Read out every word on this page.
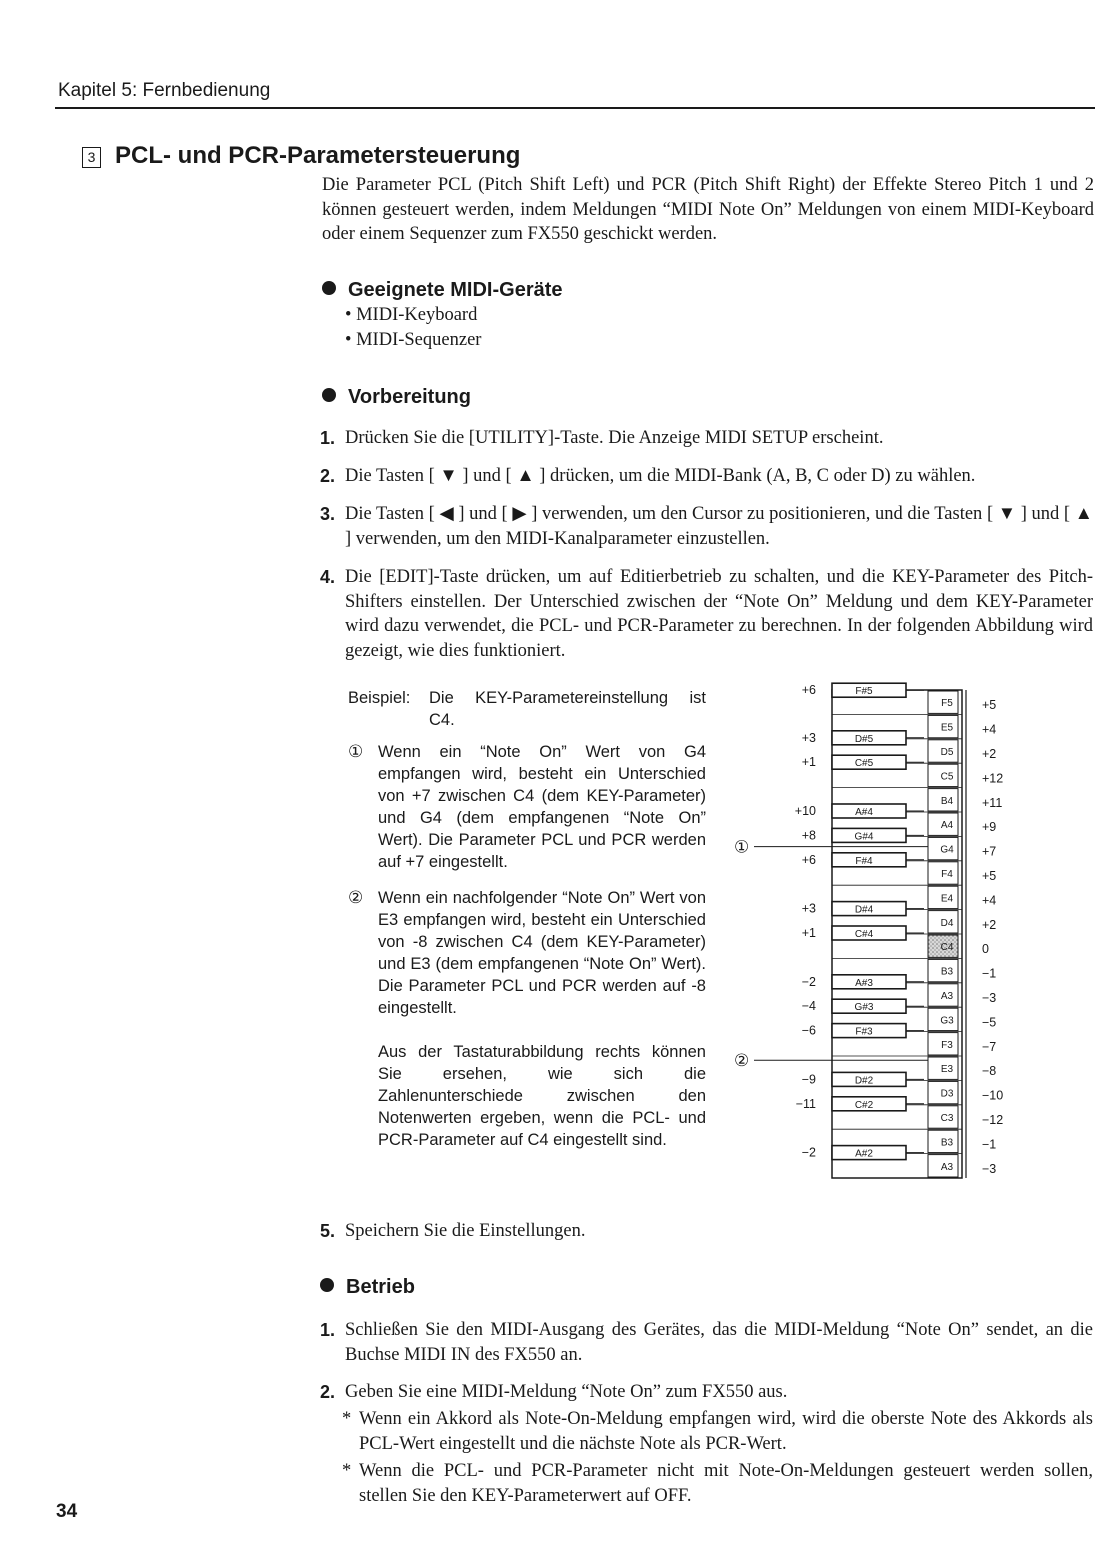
Kapitel 5: Fernbedienung
3 PCL- und PCR-Parametersteuerung
Die Parameter PCL (Pitch Shift Left) und PCR (Pitch Shift Right) der Effekte Stereo Pitch 1 und 2 können gesteuert werden, indem Meldungen “MIDI Note On” Meldungen von einem MIDI-Keyboard oder einem Sequenzer zum FX550 geschickt werden.
Geeignete MIDI-Geräte
• MIDI-Keyboard
• MIDI-Sequenzer
Vorbereitung
1. Drücken Sie die [UTILITY]-Taste. Die Anzeige MIDI SETUP erscheint.
2. Die Tasten [ ▼ ] und [ ▲ ] drücken, um die MIDI-Bank (A, B, C oder D) zu wählen.
3. Die Tasten [ ◀ ] und [ ▶ ] verwenden, um den Cursor zu positionieren, und die Tasten [ ▼ ] und [ ▲ ] verwenden, um den MIDI-Kanalparameter einzustellen.
4. Die [EDIT]-Taste drücken, um auf Editierbetrieb zu schalten, und die KEY-Parameter des Pitch-Shifters einstellen. Der Unterschied zwischen der “Note On” Meldung und dem KEY-Parameter wird dazu verwendet, die PCL- und PCR-Parameter zu berechnen. In der folgenden Abbildung wird gezeigt, wie dies funktioniert.
Beispiel: Die KEY-Parametereinstellung ist
C4.
① Wenn ein “Note On” Wert von G4 empfangen wird, besteht ein Unterschied von +7 zwischen C4 (dem KEY-Parameter) und G4 (dem empfangenen “Note On” Wert). Die Parameter PCL und PCR werden auf +7 eingestellt.
② Wenn ein nachfolgender “Note On” Wert von E3 empfangen wird, besteht ein Unterschied von -8 zwischen C4 (dem KEY-Parameter) und E3 (dem empfangenen “Note On” Wert). Die Parameter PCL und PCR werden auf -8 eingestellt.
Aus der Tastaturabbildung rechts können Sie ersehen, wie sich die Zahlenunterschiede zwischen den Notenwerten ergeben, wenn die PCL- und PCR-Parameter auf C4 eingestellt sind.
F5 +5
E5 +4
D5 +2
C5 +12
B4 +11
A4 +9
G4 +7
F4 +5
E4 +4
D4 +2
C4 0
B3 −1
A3 −3
G3 −5
F3 −7
E3 −8
D3 −10
C3 −12
B3 −1
A3 −3
F#5
+6
D#5
+3
C#5
+1
A#4
+10
G#4
+8
F#4
+6
D#4
+3
C#4
+1
A#3
−2
G#3
−4
F#3
−6
D#2
−9
C#2
−11
A#2
−2
①
②
5. Speichern Sie die Einstellungen.
Betrieb
1. Schließen Sie den MIDI-Ausgang des Gerätes, das die MIDI-Meldung “Note On” sendet, an die Buchse MIDI IN des FX550 an.
2. Geben Sie eine MIDI-Meldung “Note On” zum FX550 aus.
* Wenn ein Akkord als Note-On-Meldung empfangen wird, wird die oberste Note des Akkords als PCL-Wert eingestellt und die nächste Note als PCR-Wert.
* Wenn die PCL- und PCR-Parameter nicht mit Note-On-Meldungen gesteuert werden sollen, stellen Sie den KEY-Parameterwert auf OFF.
34
